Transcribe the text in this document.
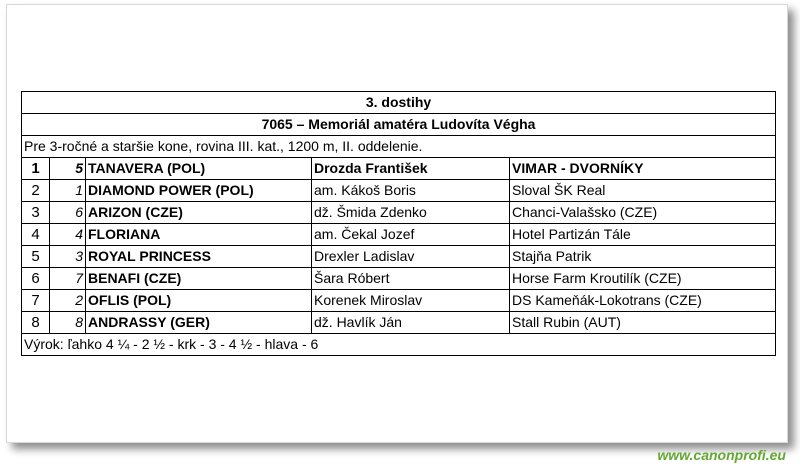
3. dostihy				
7065 – Memoriál amatéra Ludovíta Végha				
Pre 3-ročné a staršie kone, rovina III. kat., 1200 m, II. oddelenie.				
1	5	TANAVERA (POL)	Drozda František	VIMAR - DVORNÍKY
2	1	DIAMOND POWER (POL)	am. Kákoš Boris	Sloval ŠK Real
3	6	ARIZON (CZE)	dž. Šmida Zdenko	Chanci-Valašsko (CZE)
4	4	FLORIANA	am. Čekal Jozef	Hotel Partizán Tále
5	3	ROYAL PRINCESS	Drexler Ladislav	Stajňa Patrik
6	7	BENAFI (CZE)	Šara Róbert	Horse Farm Kroutilík (CZE)
7	2	OFLIS (POL)	Korenek Miroslav	DS Kameňák-Lokotrans (CZE)
8	8	ANDRASSY (GER)	dž. Havlík Ján	Stall Rubin (AUT)
Výrok: ľahko 4 ¼ - 2 ½ - krk - 3 - 4 ½ - hlava - 6				
www.canonprofi.eu
